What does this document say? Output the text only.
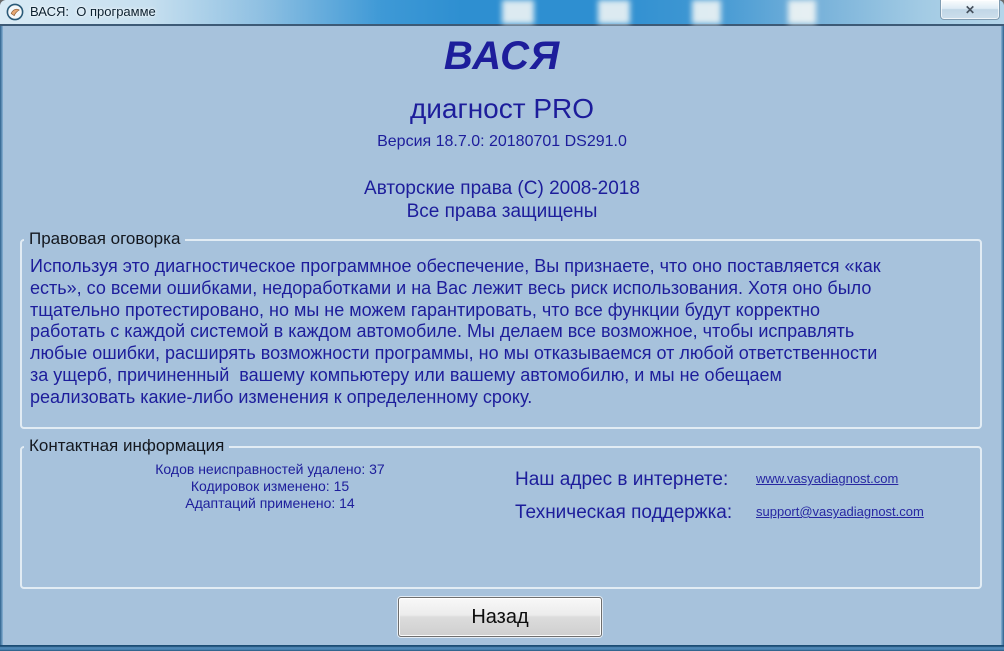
ВАСЯ:  О программе	✕
ВАСЯ
диагност PRO
Версия 18.7.0: 20180701 DS291.0
Авторские права (C) 2008-2018
Все права защищены
Правовая оговорка
Используя это диагностическое программное обеспечение, Вы признаете, что оно поставляется «как
есть», со всеми ошибками, недоработками и на Вас лежит весь риск использования. Хотя оно было
тщательно протестировано, но мы не можем гарантировать, что все функции будут корректно
работать с каждой системой в каждом автомобиле. Мы делаем все возможное, чтобы исправлять
любые ошибки, расширять возможности программы, но мы отказываемся от любой ответственности
за ущерб, причиненный  вашему компьютеру или вашему автомобилю, и мы не обещаем
реализовать какие-либо изменения к определенному сроку.
Контактная информация
Кодов неисправностей удалено: 37
Кодировок изменено: 15
Адаптаций применено: 14
Наш адрес в интернете: www.vasyadiagnost.com
Техническая поддержка: support@vasyadiagnost.com
Назад
